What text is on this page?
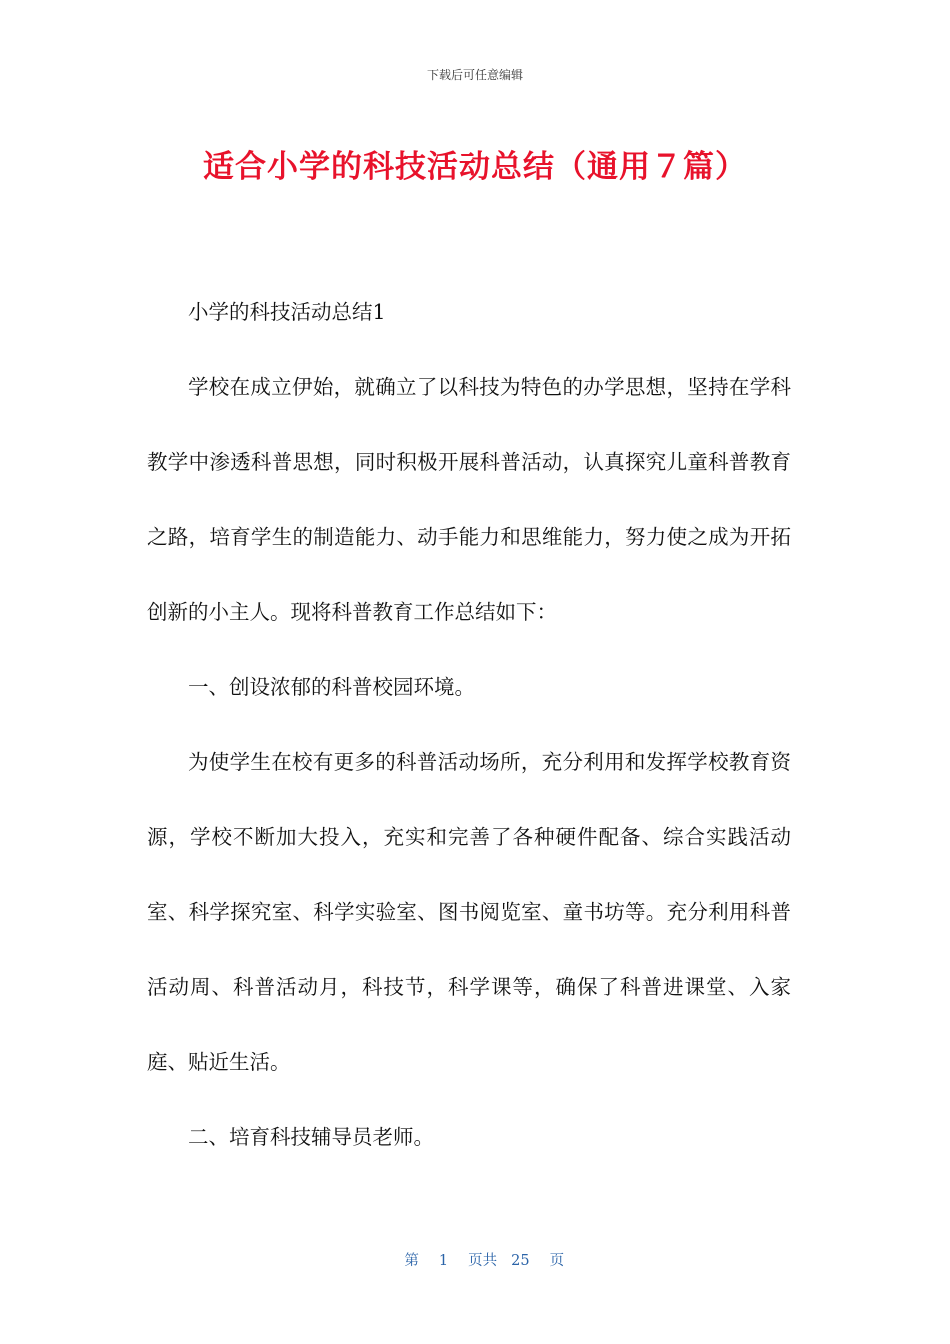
下载后可任意编辑
适合小学的科技活动总结（通用７篇）

小学的科技活动总结1

学校在成立伊始，就确立了以科技为特色的办学思想，坚持在学科教学中渗透科普思想，同时积极开展科普活动，认真探究儿童科普教育之路，培育学生的制造能力、动手能力和思维能力，努力使之成为开拓创新的小主人。现将科普教育工作总结如下：

一、创设浓郁的科普校园环境。

为使学生在校有更多的科普活动场所，充分利用和发挥学校教育资源，学校不断加大投入，充实和完善了各种硬件配备、综合实践活动室、科学探究室、科学实验室、图书阅览室、童书坊等。充分利用科普活动周、科普活动月，科技节，科学课等，确保了科普进课堂、入家庭、贴近生活。

二、培育科技辅导员老师。

第 1 页共 25 页
